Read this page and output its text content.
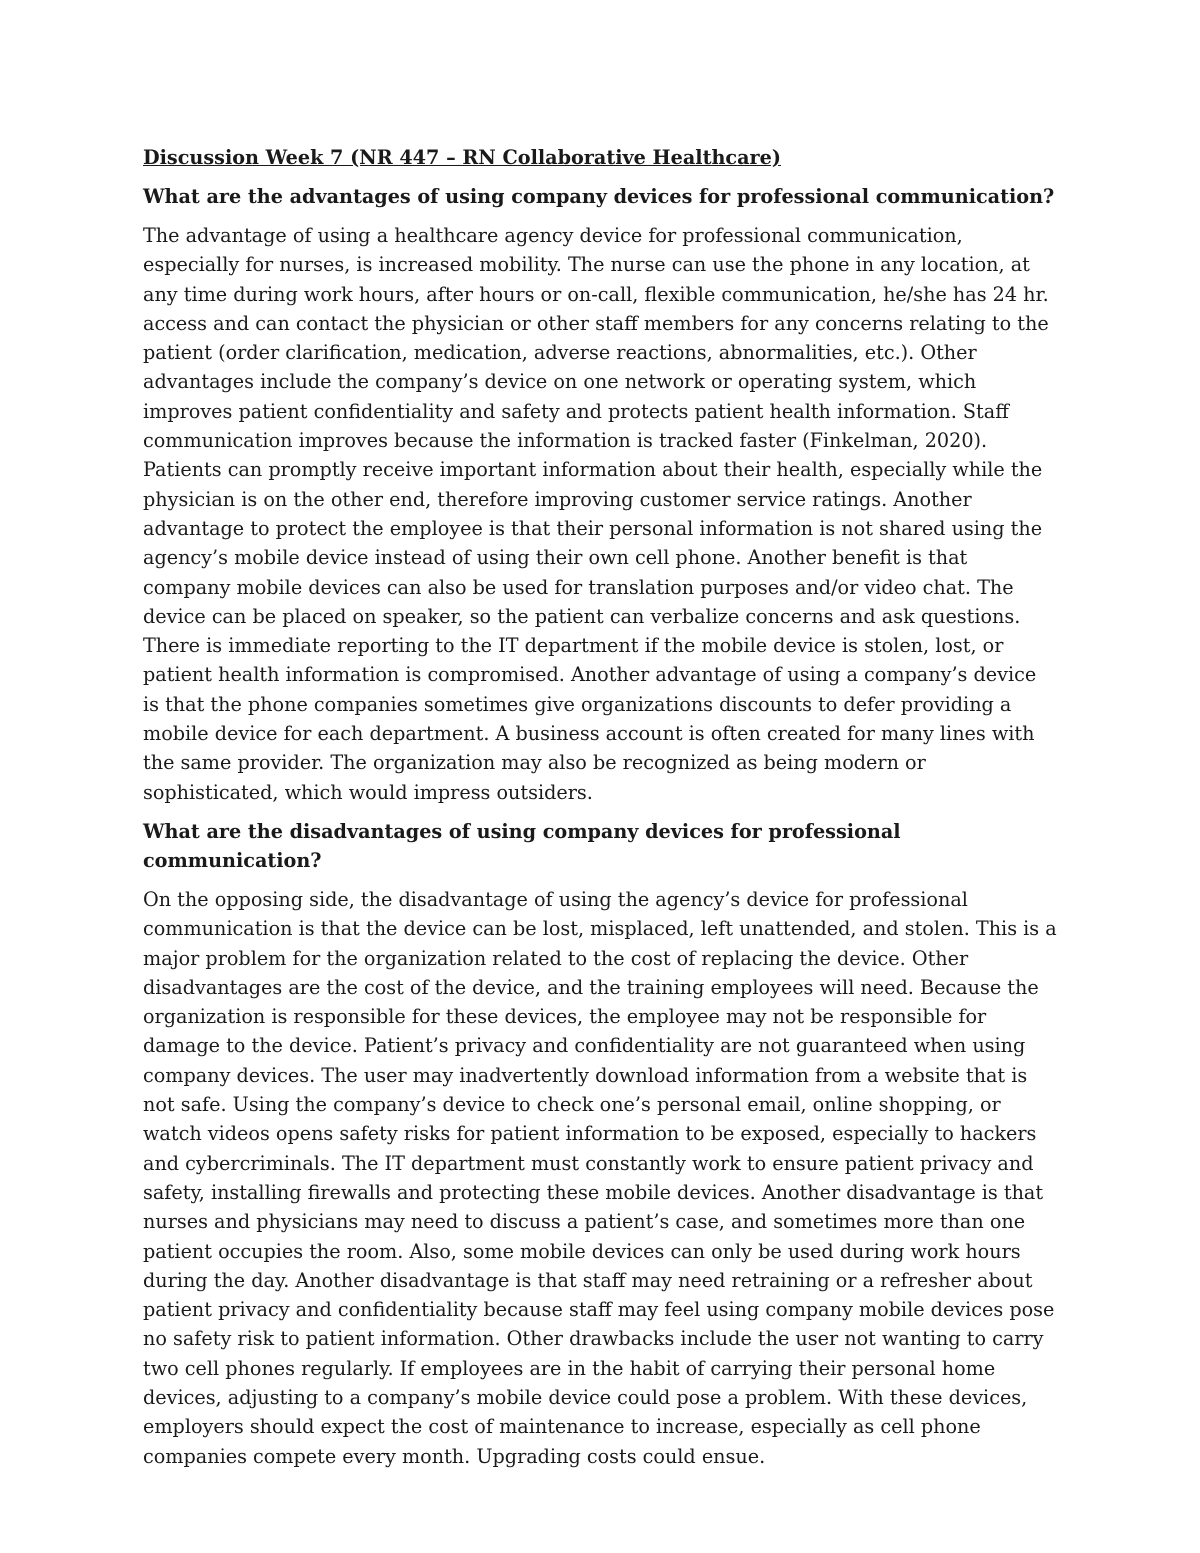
Discussion Week 7 (NR 447 – RN Collaborative Healthcare)
What are the advantages of using company devices for professional communication?
The advantage of using a healthcare agency device for professional communication, especially for nurses, is increased mobility. The nurse can use the phone in any location, at any time during work hours, after hours or on-call, flexible communication, he/she has 24 hr. access and can contact the physician or other staff members for any concerns relating to the patient (order clarification, medication, adverse reactions, abnormalities, etc.). Other advantages include the company’s device on one network or operating system, which improves patient confidentiality and safety and protects patient health information. Staff communication improves because the information is tracked faster (Finkelman, 2020). Patients can promptly receive important information about their health, especially while the physician is on the other end, therefore improving customer service ratings. Another advantage to protect the employee is that their personal information is not shared using the agency’s mobile device instead of using their own cell phone. Another benefit is that company mobile devices can also be used for translation purposes and/or video chat. The device can be placed on speaker, so the patient can verbalize concerns and ask questions. There is immediate reporting to the IT department if the mobile device is stolen, lost, or patient health information is compromised. Another advantage of using a company’s device is that the phone companies sometimes give organizations discounts to defer providing a mobile device for each department. A business account is often created for many lines with the same provider. The organization may also be recognized as being modern or sophisticated, which would impress outsiders.
What are the disadvantages of using company devices for professional communication?
On the opposing side, the disadvantage of using the agency’s device for professional communication is that the device can be lost, misplaced, left unattended, and stolen. This is a major problem for the organization related to the cost of replacing the device. Other disadvantages are the cost of the device, and the training employees will need. Because the organization is responsible for these devices, the employee may not be responsible for damage to the device. Patient’s privacy and confidentiality are not guaranteed when using company devices. The user may inadvertently download information from a website that is not safe. Using the company’s device to check one’s personal email, online shopping, or watch videos opens safety risks for patient information to be exposed, especially to hackers and cybercriminals. The IT department must constantly work to ensure patient privacy and safety, installing firewalls and protecting these mobile devices. Another disadvantage is that nurses and physicians may need to discuss a patient’s case, and sometimes more than one patient occupies the room. Also, some mobile devices can only be used during work hours during the day. Another disadvantage is that staff may need retraining or a refresher about patient privacy and confidentiality because staff may feel using company mobile devices pose no safety risk to patient information. Other drawbacks include the user not wanting to carry two cell phones regularly. If employees are in the habit of carrying their personal home devices, adjusting to a company’s mobile device could pose a problem. With these devices, employers should expect the cost of maintenance to increase, especially as cell phone companies compete every month. Upgrading costs could ensue.
